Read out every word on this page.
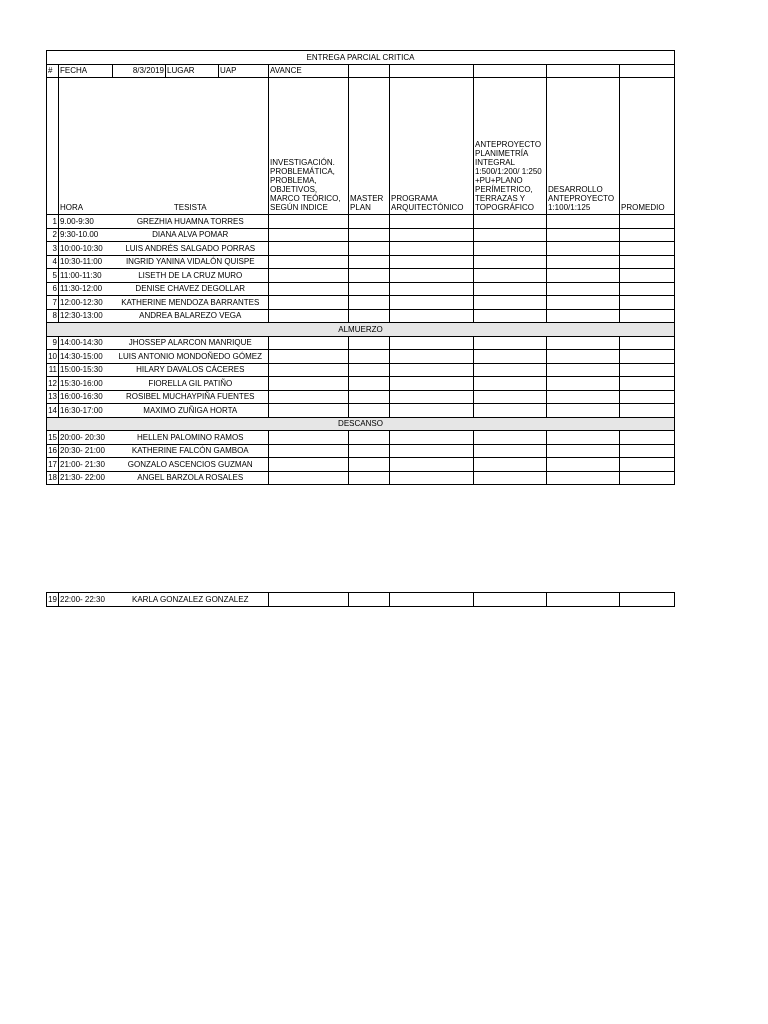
ENTREGA PARCIAL CRITICA										
#	FECHA	8/3/2019	LUGAR	UAP	AVANCE					
	HORA	TESISTA			INVESTIGACIÓN. PROBLEMÁTICA, PROBLEMA, OBJETIVOS, MARCO TEÓRICO, SEGÚN INDICE	MASTER PLAN	PROGRAMA ARQUITECTÓNICO	ANTEPROYECTO PLANIMETRÍA INTEGRAL 1:500/1:200/ 1:250 +PU+PLANO PERÍMETRICO, TERRAZAS Y TOPOGRÁFICO	DESARROLLO ANTEPROYECTO 1:100/1:125	PROMEDIO
1	9.00-9:30	GREZHIA HUAMNA TORRES								
2	9:30-10.00	DIANA ALVA POMAR								
3	10:00-10:30	LUIS ANDRÉS SALGADO PORRAS								
4	10:30-11:00	INGRID YANINA VIDALÓN QUISPE								
5	11:00-11:30	LISETH DE LA CRUZ MURO								
6	11:30-12:00	DENISE CHAVEZ DEGOLLAR								
7	12:00-12:30	KATHERINE MENDOZA BARRANTES								
8	12:30-13:00	ANDREA BALAREZO VEGA								
ALMUERZO										
9	14:00-14:30	JHOSSEP ALARCON MANRIQUE								
10	14:30-15:00	LUIS ANTONIO MONDOÑEDO GÓMEZ								
11	15:00-15:30	HILARY DAVALOS CÁCERES								
12	15:30-16:00	FIORELLA GIL PATIÑO								
13	16:00-16:30	ROSIBEL MUCHAYPIÑA FUENTES								
14	16:30-17:00	MAXIMO ZUÑIGA HORTA								
DESCANSO										
15	20:00- 20:30	HELLEN PALOMINO RAMOS								
16	20:30- 21:00	KATHERINE FALCÓN GAMBOA								
17	21:00- 21:30	GONZALO ASCENCIOS GUZMAN								
18	21:30- 22:00	ANGEL BARZOLA ROSALES								
19	22:00- 22:30	KARLA GONZALEZ GONZALEZ						
